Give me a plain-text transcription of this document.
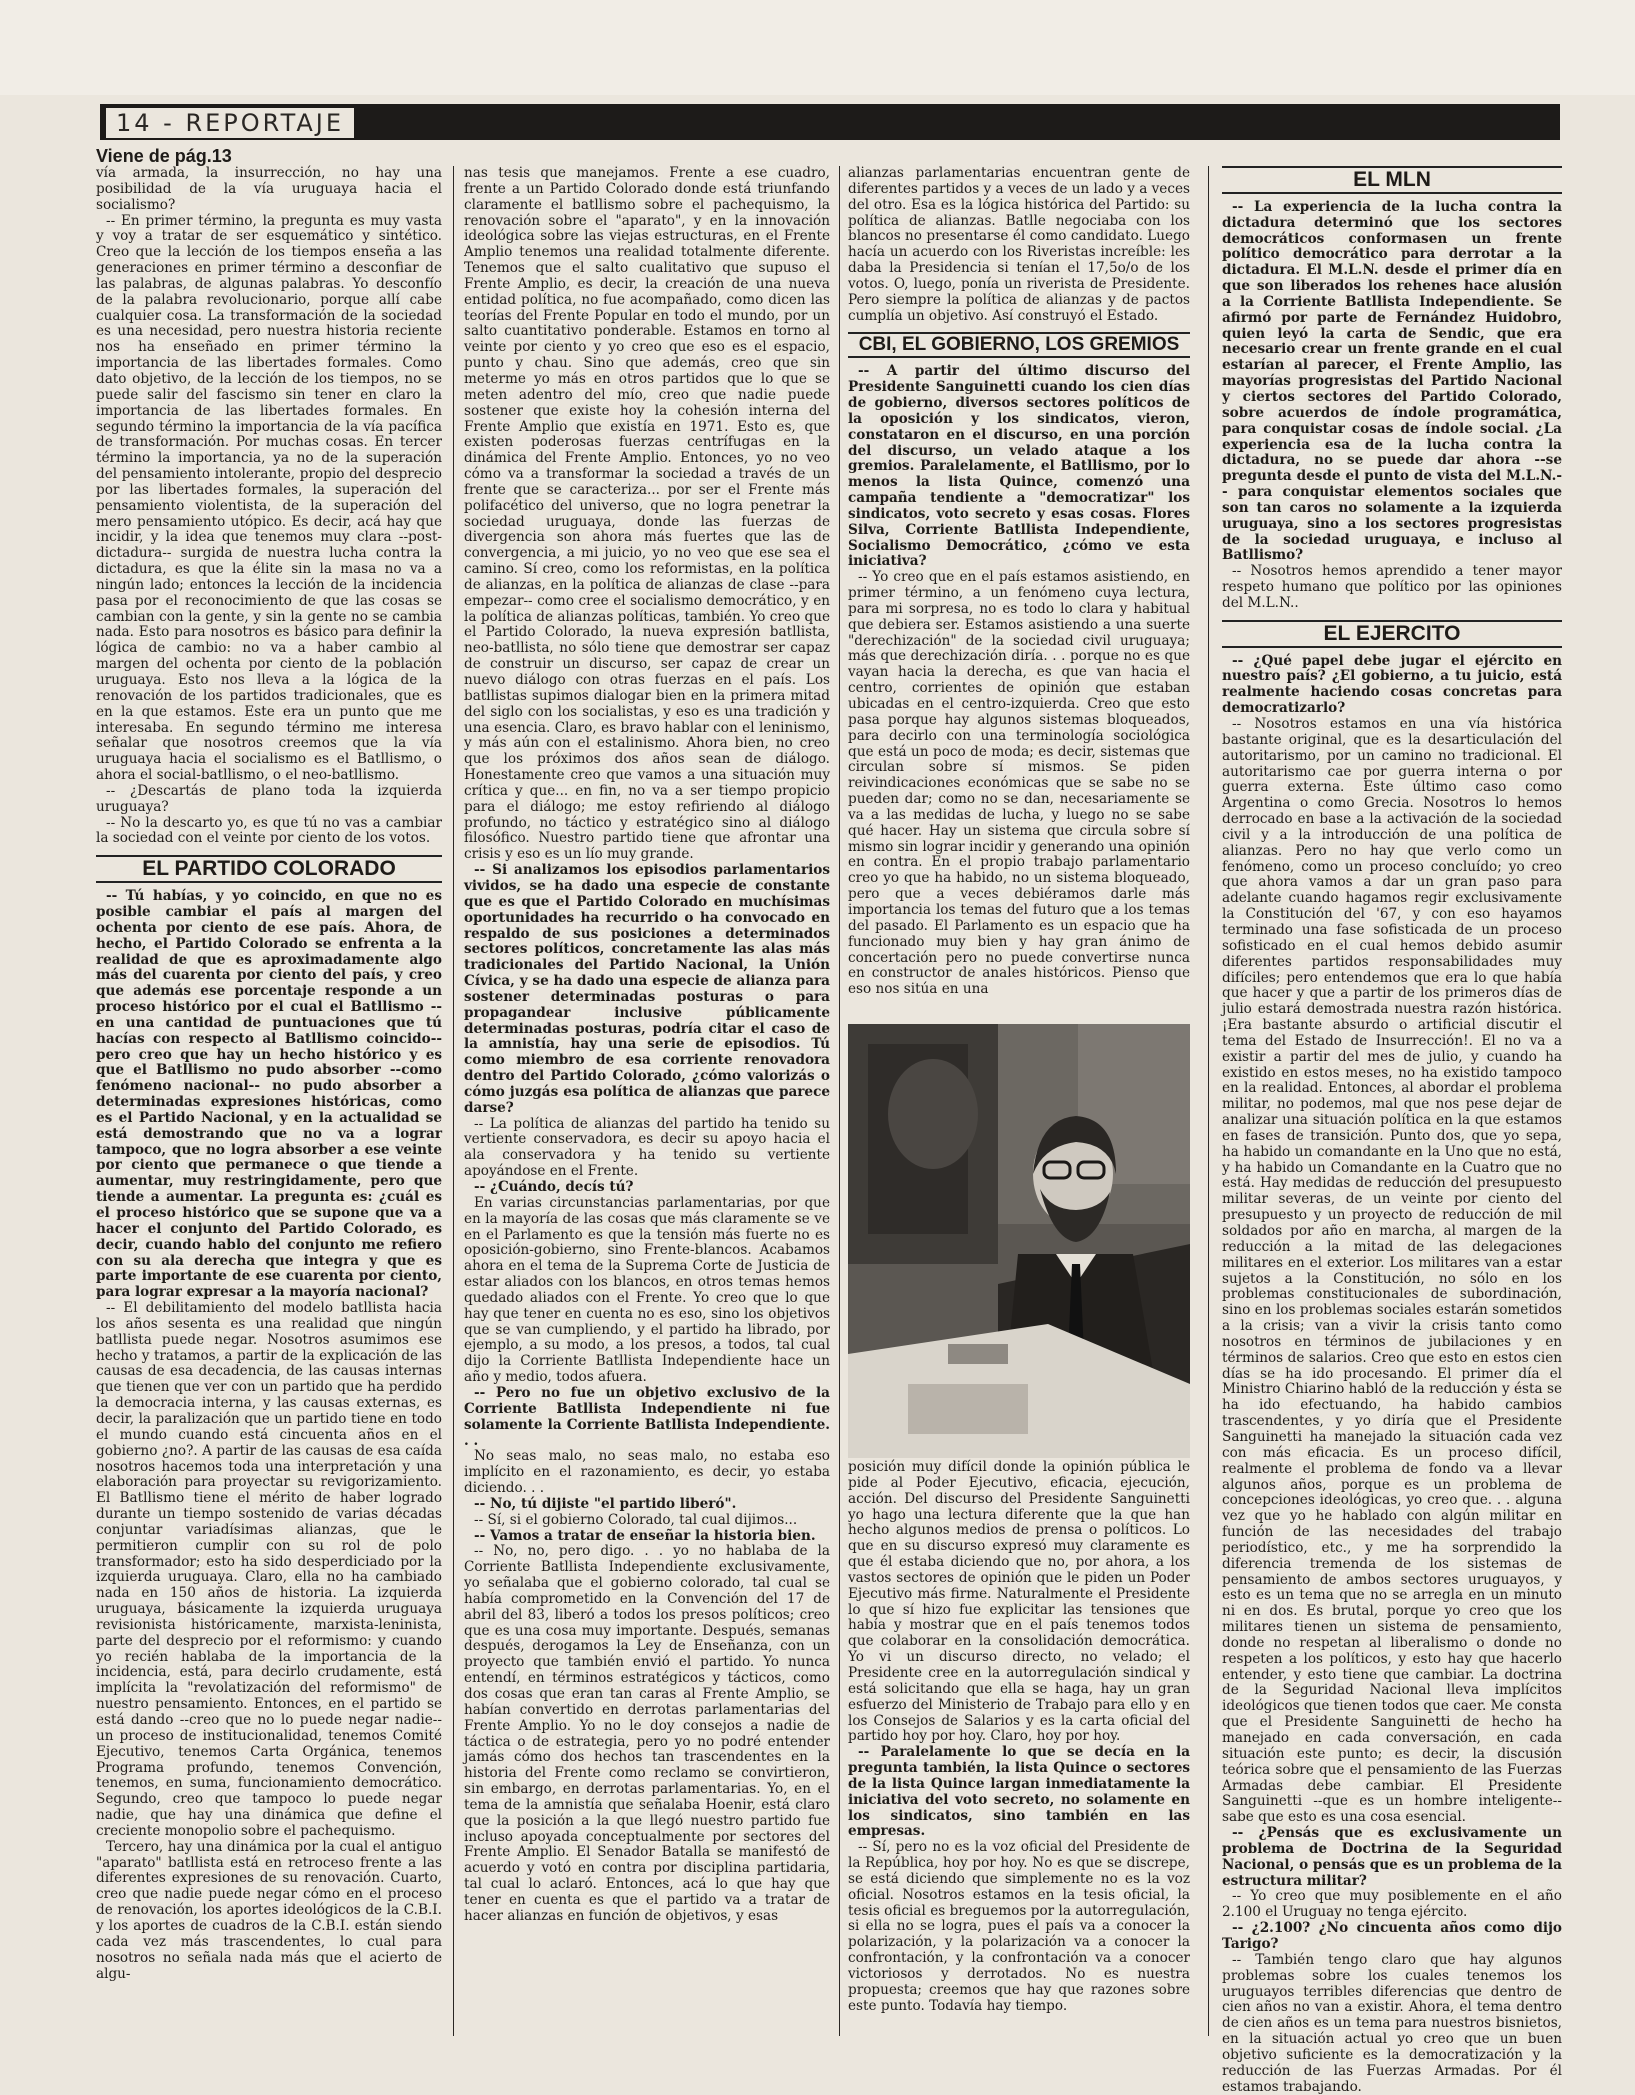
14 - REPORTAJE
Viene de pág.13

vía armada, la insurrección, no hay una posibilidad de la vía uruguaya hacia el socialismo?

-- En primer término, la pregunta es muy vasta y voy a tratar de ser esquemático y sintético. Creo que la lección de los tiempos enseña a las generaciones en primer término a desconfiar de las palabras, de algunas palabras. Yo desconfío de la palabra revolucionario, porque allí cabe cualquier cosa. La transformación de la sociedad es una necesidad, pero nuestra historia reciente nos ha enseñado en primer término la importancia de las libertades formales. Como dato objetivo, de la lección de los tiempos, no se puede salir del fascismo sin tener en claro la importancia de las libertades formales. En segundo término la importancia de la vía pacífica de transformación. Por muchas cosas. En tercer término la importancia, ya no de la superación del pensamiento intolerante, propio del desprecio por las libertades formales, la superación del pensamiento violentista, de la superación del mero pensamiento utópico. Es decir, acá hay que incidir, y la idea que tenemos muy clara --post-dictadura-- surgida de nuestra lucha contra la dictadura, es que la élite sin la masa no va a ningún lado; entonces la lección de la incidencia pasa por el reconocimiento de que las cosas se cambian con la gente, y sin la gente no se cambia nada. Esto para nosotros es básico para definir la lógica de cambio: no va a haber cambio al margen del ochenta por ciento de la población uruguaya. Esto nos lleva a la lógica de la renovación de los partidos tradicionales, que es en la que estamos. Este era un punto que me interesaba. En segundo término me interesa señalar que nosotros creemos que la vía uruguaya hacia el socialismo es el Batllismo, o ahora el social-batllismo, o el neo-batllismo.

-- ¿Descartás de plano toda la izquierda uruguaya?

-- No la descarto yo, es que tú no vas a cambiar la sociedad con el veinte por ciento de los votos.

EL PARTIDO COLORADO

-- Tú habías, y yo coincido, en que no es posible cambiar el país al margen del ochenta por ciento de ese país. Ahora, de hecho, el Partido Colorado se enfrenta a la realidad de que es aproximadamente algo más del cuarenta por ciento del país, y creo que además ese porcentaje responde a un proceso histórico por el cual el Batllismo --en una cantidad de puntuaciones que tú hacías con respecto al Batllismo coincido-- pero creo que hay un hecho histórico y es que el Batllismo no pudo absorber --como fenómeno nacional-- no pudo absorber a determinadas expresiones históricas, como es el Partido Nacional, y en la actualidad se está demostrando que no va a lograr tampoco, que no logra absorber a ese veinte por ciento que permanece o que tiende a aumentar, muy restringidamente, pero que tiende a aumentar. La pregunta es: ¿cuál es el proceso histórico que se supone que va a hacer el conjunto del Partido Colorado, es decir, cuando hablo del conjunto me refiero con su ala derecha que integra y que es parte importante de ese cuarenta por ciento, para lograr expresar a la mayoría nacional?

-- El debilitamiento del modelo batllista hacia los años sesenta es una realidad que ningún batllista puede negar. Nosotros asumimos ese hecho y tratamos, a partir de la explicación de las causas de esa decadencia, de las causas internas que tienen que ver con un partido que ha perdido la democracia interna, y las causas externas, es decir, la paralización que un partido tiene en todo el mundo cuando está cincuenta años en el gobierno ¿no?. A partir de las causas de esa caída nosotros hacemos toda una interpretación y una elaboración para proyectar su revigorizamiento. El Batllismo tiene el mérito de haber logrado durante un tiempo sostenido de varias décadas conjuntar variadísimas alianzas, que le permitieron cumplir con su rol de polo transformador; esto ha sido desperdiciado por la izquierda uruguaya. Claro, ella no ha cambiado nada en 150 años de historia. La izquierda uruguaya, básicamente la izquierda uruguaya revisionista históricamente, marxista-leninista, parte del desprecio por el reformismo: y cuando yo recién hablaba de la importancia de la incidencia, está, para decirlo crudamente, está implícita la "revolatización del reformismo" de nuestro pensamiento. Entonces, en el partido se está dando --creo que no lo puede negar nadie-- un proceso de institucionalidad, tenemos Comité Ejecutivo, tenemos Carta Orgánica, tenemos Programa profundo, tenemos Convención, tenemos, en suma, funcionamiento democrático. Segundo, creo que tampoco lo puede negar nadie, que hay una dinámica que define el creciente monopolio sobre el pachequismo.

Tercero, hay una dinámica por la cual el antiguo "aparato" batllista está en retroceso frente a las diferentes expresiones de su renovación. Cuarto, creo que nadie puede negar cómo en el proceso de renovación, los aportes ideológicos de la C.B.I. y los aportes de cuadros de la C.B.I. están siendo cada vez más trascendentes, lo cual para nosotros no señala nada más que el acierto de algu-

nas tesis que manejamos. Frente a ese cuadro, frente a un Partido Colorado donde está triunfando claramente el batllismo sobre el pachequismo, la renovación sobre el "aparato", y en la innovación ideológica sobre las viejas estructuras, en el Frente Amplio tenemos una realidad totalmente diferente. Tenemos que el salto cualitativo que supuso el Frente Amplio, es decir, la creación de una nueva entidad política, no fue acompañado, como dicen las teorías del Frente Popular en todo el mundo, por un salto cuantitativo ponderable. Estamos en torno al veinte por ciento y yo creo que eso es el espacio, punto y chau. Sino que además, creo que sin meterme yo más en otros partidos que lo que se meten adentro del mío, creo que nadie puede sostener que existe hoy la cohesión interna del Frente Amplio que existía en 1971. Esto es, que existen poderosas fuerzas centrífugas en la dinámica del Frente Amplio. Entonces, yo no veo cómo va a transformar la sociedad a través de un frente que se caracteriza... por ser el Frente más polifacético del universo, que no logra penetrar la sociedad uruguaya, donde las fuerzas de divergencia son ahora más fuertes que las de convergencia, a mi juicio, yo no veo que ese sea el camino. Sí creo, como los reformistas, en la política de alianzas, en la política de alianzas de clase --para empezar-- como cree el socialismo democrático, y en la política de alianzas políticas, también. Yo creo que el Partido Colorado, la nueva expresión batllista, neo-batllista, no sólo tiene que demostrar ser capaz de construir un discurso, ser capaz de crear un nuevo diálogo con otras fuerzas en el país. Los batllistas supimos dialogar bien en la primera mitad del siglo con los socialistas, y eso es una tradición y una esencia. Claro, es bravo hablar con el leninismo, y más aún con el estalinismo. Ahora bien, no creo que los próximos dos años sean de diálogo. Honestamente creo que vamos a una situación muy crítica y que... en fin, no va a ser tiempo propicio para el diálogo; me estoy refiriendo al diálogo profundo, no táctico y estratégico sino al diálogo filosófico. Nuestro partido tiene que afrontar una crisis y eso es un lío muy grande.

-- Si analizamos los episodios parlamentarios vividos, se ha dado una especie de constante que es que el Partido Colorado en muchísimas oportunidades ha recurrido o ha convocado en respaldo de sus posiciones a determinados sectores políticos, concretamente las alas más tradicionales del Partido Nacional, la Unión Cívica, y se ha dado una especie de alianza para sostener determinadas posturas o para propagandear inclusive públicamente determinadas posturas, podría citar el caso de la amnistía, hay una serie de episodios. Tú como miembro de esa corriente renovadora dentro del Partido Colorado, ¿cómo valorizás o cómo juzgás esa política de alianzas que parece darse?

-- La política de alianzas del partido ha tenido su vertiente conservadora, es decir su apoyo hacia el ala conservadora y ha tenido su vertiente apoyándose en el Frente.

-- ¿Cuándo, decís tú?

En varias circunstancias parlamentarias, por que en la mayoría de las cosas que más claramente se ve en el Parlamento es que la tensión más fuerte no es oposición-gobierno, sino Frente-blancos. Acabamos ahora en el tema de la Suprema Corte de Justicia de estar aliados con los blancos, en otros temas hemos quedado aliados con el Frente. Yo creo que lo que hay que tener en cuenta no es eso, sino los objetivos que se van cumpliendo, y el partido ha librado, por ejemplo, a su modo, a los presos, a todos, tal cual dijo la Corriente Batllista Independiente hace un año y medio, todos afuera.

-- Pero no fue un objetivo exclusivo de la Corriente Batllista Independiente ni fue solamente la Corriente Batllista Independiente. . .

No seas malo, no seas malo, no estaba eso implícito en el razonamiento, es decir, yo estaba diciendo. . .

-- No, tú dijiste "el partido liberó".

-- Sí, si el gobierno Colorado, tal cual dijimos...

-- Vamos a tratar de enseñar la historia bien.

-- No, no, pero digo. . . yo no hablaba de la Corriente Batllista Independiente exclusivamente, yo señalaba que el gobierno colorado, tal cual se había comprometido en la Convención del 17 de abril del 83, liberó a todos los presos políticos; creo que es una cosa muy importante. Después, semanas después, derogamos la Ley de Enseñanza, con un proyecto que también envió el partido. Yo nunca entendí, en términos estratégicos y tácticos, como dos cosas que eran tan caras al Frente Amplio, se habían convertido en derrotas parlamentarias del Frente Amplio. Yo no le doy consejos a nadie de táctica o de estrategia, pero yo no podré entender jamás cómo dos hechos tan trascendentes en la historia del Frente como reclamo se convirtieron, sin embargo, en derrotas parlamentarias. Yo, en el tema de la amnistía que señalaba Hoenir, está claro que la posición a la que llegó nuestro partido fue incluso apoyada conceptualmente por sectores del Frente Amplio. El Senador Batalla se manifestó de acuerdo y votó en contra por disciplina partidaria, tal cual lo aclaró. Entonces, acá lo que hay que tener en cuenta es que el partido va a tratar de hacer alianzas en función de objetivos, y esas

alianzas parlamentarias encuentran gente de diferentes partidos y a veces de un lado y a veces del otro. Esa es la lógica histórica del Partido: su política de alianzas. Batlle negociaba con los blancos no presentarse él como candidato. Luego hacía un acuerdo con los Riveristas increíble: les daba la Presidencia si tenían el 17,5o/o de los votos. O, luego, ponía un riverista de Presidente. Pero siempre la política de alianzas y de pactos cumplía un objetivo. Así construyó el Estado.

CBI, EL GOBIERNO, LOS GREMIOS

-- A partir del último discurso del Presidente Sanguinetti cuando los cien días de gobierno, diversos sectores políticos de la oposición y los sindicatos, vieron, constataron en el discurso, en una porción del discurso, un velado ataque a los gremios. Paralelamente, el Batllismo, por lo menos la lista Quince, comenzó una campaña tendiente a "democratizar" los sindicatos, voto secreto y esas cosas. Flores Silva, Corriente Batllista Independiente, Socialismo Democrático, ¿cómo ve esta iniciativa?

-- Yo creo que en el país estamos asistiendo, en primer término, a un fenómeno cuya lectura, para mi sorpresa, no es todo lo clara y habitual que debiera ser. Estamos asistiendo a una suerte "derechización" de la sociedad civil uruguaya; más que derechización diría. . . porque no es que vayan hacia la derecha, es que van hacia el centro, corrientes de opinión que estaban ubicadas en el centro-izquierda. Creo que esto pasa porque hay algunos sistemas bloqueados, para decirlo con una terminología sociológica que está un poco de moda; es decir, sistemas que circulan sobre sí mismos. Se piden reivindicaciones económicas que se sabe no se pueden dar; como no se dan, necesariamente se va a las medidas de lucha, y luego no se sabe qué hacer. Hay un sistema que circula sobre sí mismo sin lograr incidir y generando una opinión en contra. En el propio trabajo parlamentario creo yo que ha habido, no un sistema bloqueado, pero que a veces debiéramos darle más importancia los temas del futuro que a los temas del pasado. El Parlamento es un espacio que ha funcionado muy bien y hay gran ánimo de concertación pero no puede convertirse nunca en constructor de anales históricos. Pienso que eso nos sitúa en una

posición muy difícil donde la opinión pública le pide al Poder Ejecutivo, eficacia, ejecución, acción. Del discurso del Presidente Sanguinetti yo hago una lectura diferente que la que han hecho algunos medios de prensa o políticos. Lo que en su discurso expresó muy claramente es que él estaba diciendo que no, por ahora, a los vastos sectores de opinión que le piden un Poder Ejecutivo más firme. Naturalmente el Presidente lo que sí hizo fue explicitar las tensiones que había y mostrar que en el país tenemos todos que colaborar en la consolidación democrática. Yo vi un discurso directo, no velado; el Presidente cree en la autorregulación sindical y está solicitando que ella se haga, hay un gran esfuerzo del Ministerio de Trabajo para ello y en los Consejos de Salarios y es la carta oficial del partido hoy por hoy. Claro, hoy por hoy.

-- Paralelamente lo que se decía en la pregunta también, la lista Quince o sectores de la lista Quince largan inmediatamente la iniciativa del voto secreto, no solamente en los sindicatos, sino también en las empresas.

-- Sí, pero no es la voz oficial del Presidente de la República, hoy por hoy. No es que se discrepe, se está diciendo que simplemente no es la voz oficial. Nosotros estamos en la tesis oficial, la tesis oficial es breguemos por la autorregulación, si ella no se logra, pues el país va a conocer la polarización, y la polarización va a conocer la confrontación, y la confrontación va a conocer victoriosos y derrotados. No es nuestra propuesta; creemos que hay que razones sobre este punto. Todavía hay tiempo.

EL MLN

-- La experiencia de la lucha contra la dictadura determinó que los sectores democráticos conformasen un frente político democrático para derrotar a la dictadura. El M.L.N. desde el primer día en que son liberados los rehenes hace alusión a la Corriente Batllista Independiente. Se afirmó por parte de Fernández Huidobro, quien leyó la carta de Sendic, que era necesario crear un frente grande en el cual estarían al parecer, el Frente Amplio, las mayorías progresistas del Partido Nacional y ciertos sectores del Partido Colorado, sobre acuerdos de índole programática, para conquistar cosas de índole social. ¿La experiencia esa de la lucha contra la dictadura, no se puede dar ahora --se pregunta desde el punto de vista del M.L.N.-- para conquistar elementos sociales que son tan caros no solamente a la izquierda uruguaya, sino a los sectores progresistas de la sociedad uruguaya, e incluso al Batllismo?

-- Nosotros hemos aprendido a tener mayor respeto humano que político por las opiniones del M.L.N..

EL EJERCITO

-- ¿Qué papel debe jugar el ejército en nuestro país? ¿El gobierno, a tu juicio, está realmente haciendo cosas concretas para democratizarlo?

-- Nosotros estamos en una vía histórica bastante original, que es la desarticulación del autoritarismo, por un camino no tradicional. El autoritarismo cae por guerra interna o por guerra externa. Este último caso como Argentina o como Grecia. Nosotros lo hemos derrocado en base a la activación de la sociedad civil y a la introducción de una política de alianzas. Pero no hay que verlo como un fenómeno, como un proceso concluído; yo creo que ahora vamos a dar un gran paso para adelante cuando hagamos regir exclusivamente la Constitución del '67, y con eso hayamos terminado una fase sofisticada de un proceso sofisticado en el cual hemos debido asumir diferentes partidos responsabilidades muy difíciles; pero entendemos que era lo que había que hacer y que a partir de los primeros días de julio estará demostrada nuestra razón histórica. ¡Era bastante absurdo o artificial discutir el tema del Estado de Insurrección!. El no va a existir a partir del mes de julio, y cuando ha existido en estos meses, no ha existido tampoco en la realidad. Entonces, al abordar el problema militar, no podemos, mal que nos pese dejar de analizar una situación política en la que estamos en fases de transición. Punto dos, que yo sepa, ha habido un comandante en la Uno que no está, y ha habido un Comandante en la Cuatro que no está. Hay medidas de reducción del presupuesto militar severas, de un veinte por ciento del presupuesto y un proyecto de reducción de mil soldados por año en marcha, al margen de la reducción a la mitad de las delegaciones militares en el exterior. Los militares van a estar sujetos a la Constitución, no sólo en los problemas constitucionales de subordinación, sino en los problemas sociales estarán sometidos a la crisis; van a vivir la crisis tanto como nosotros en términos de jubilaciones y en términos de salarios. Creo que esto en estos cien días se ha ido procesando. El primer día el Ministro Chiarino habló de la reducción y ésta se ha ido efectuando, ha habido cambios trascendentes, y yo diría que el Presidente Sanguinetti ha manejado la situación cada vez con más eficacia. Es un proceso difícil, realmente el problema de fondo va a llevar algunos años, porque es un problema de concepciones ideológicas, yo creo que. . . alguna vez que yo he hablado con algún militar en función de las necesidades del trabajo periodístico, etc., y me ha sorprendido la diferencia tremenda de los sistemas de pensamiento de ambos sectores uruguayos, y esto es un tema que no se arregla en un minuto ni en dos. Es brutal, porque yo creo que los militares tienen un sistema de pensamiento, donde no respetan al liberalismo o donde no respeten a los políticos, y esto hay que hacerlo entender, y esto tiene que cambiar. La doctrina de la Seguridad Nacional lleva implícitos ideológicos que tienen todos que caer. Me consta que el Presidente Sanguinetti de hecho ha manejado en cada conversación, en cada situación este punto; es decir, la discusión teórica sobre que el pensamiento de las Fuerzas Armadas debe cambiar. El Presidente Sanguinetti --que es un hombre inteligente-- sabe que esto es una cosa esencial.

-- ¿Pensás que es exclusivamente un problema de Doctrina de la Seguridad Nacional, o pensás que es un problema de la estructura militar?

-- Yo creo que muy posiblemente en el año 2.100 el Uruguay no tenga ejército.

-- ¿2.100? ¿No cincuenta años como dijo Tarigo?

-- También tengo claro que hay algunos problemas sobre los cuales tenemos los uruguayos terribles diferencias que dentro de cien años no van a existir. Ahora, el tema dentro de cien años es un tema para nuestros bisnietos, en la situación actual yo creo que un buen objetivo suficiente es la democratización y la reducción de las Fuerzas Armadas. Por él estamos trabajando.
